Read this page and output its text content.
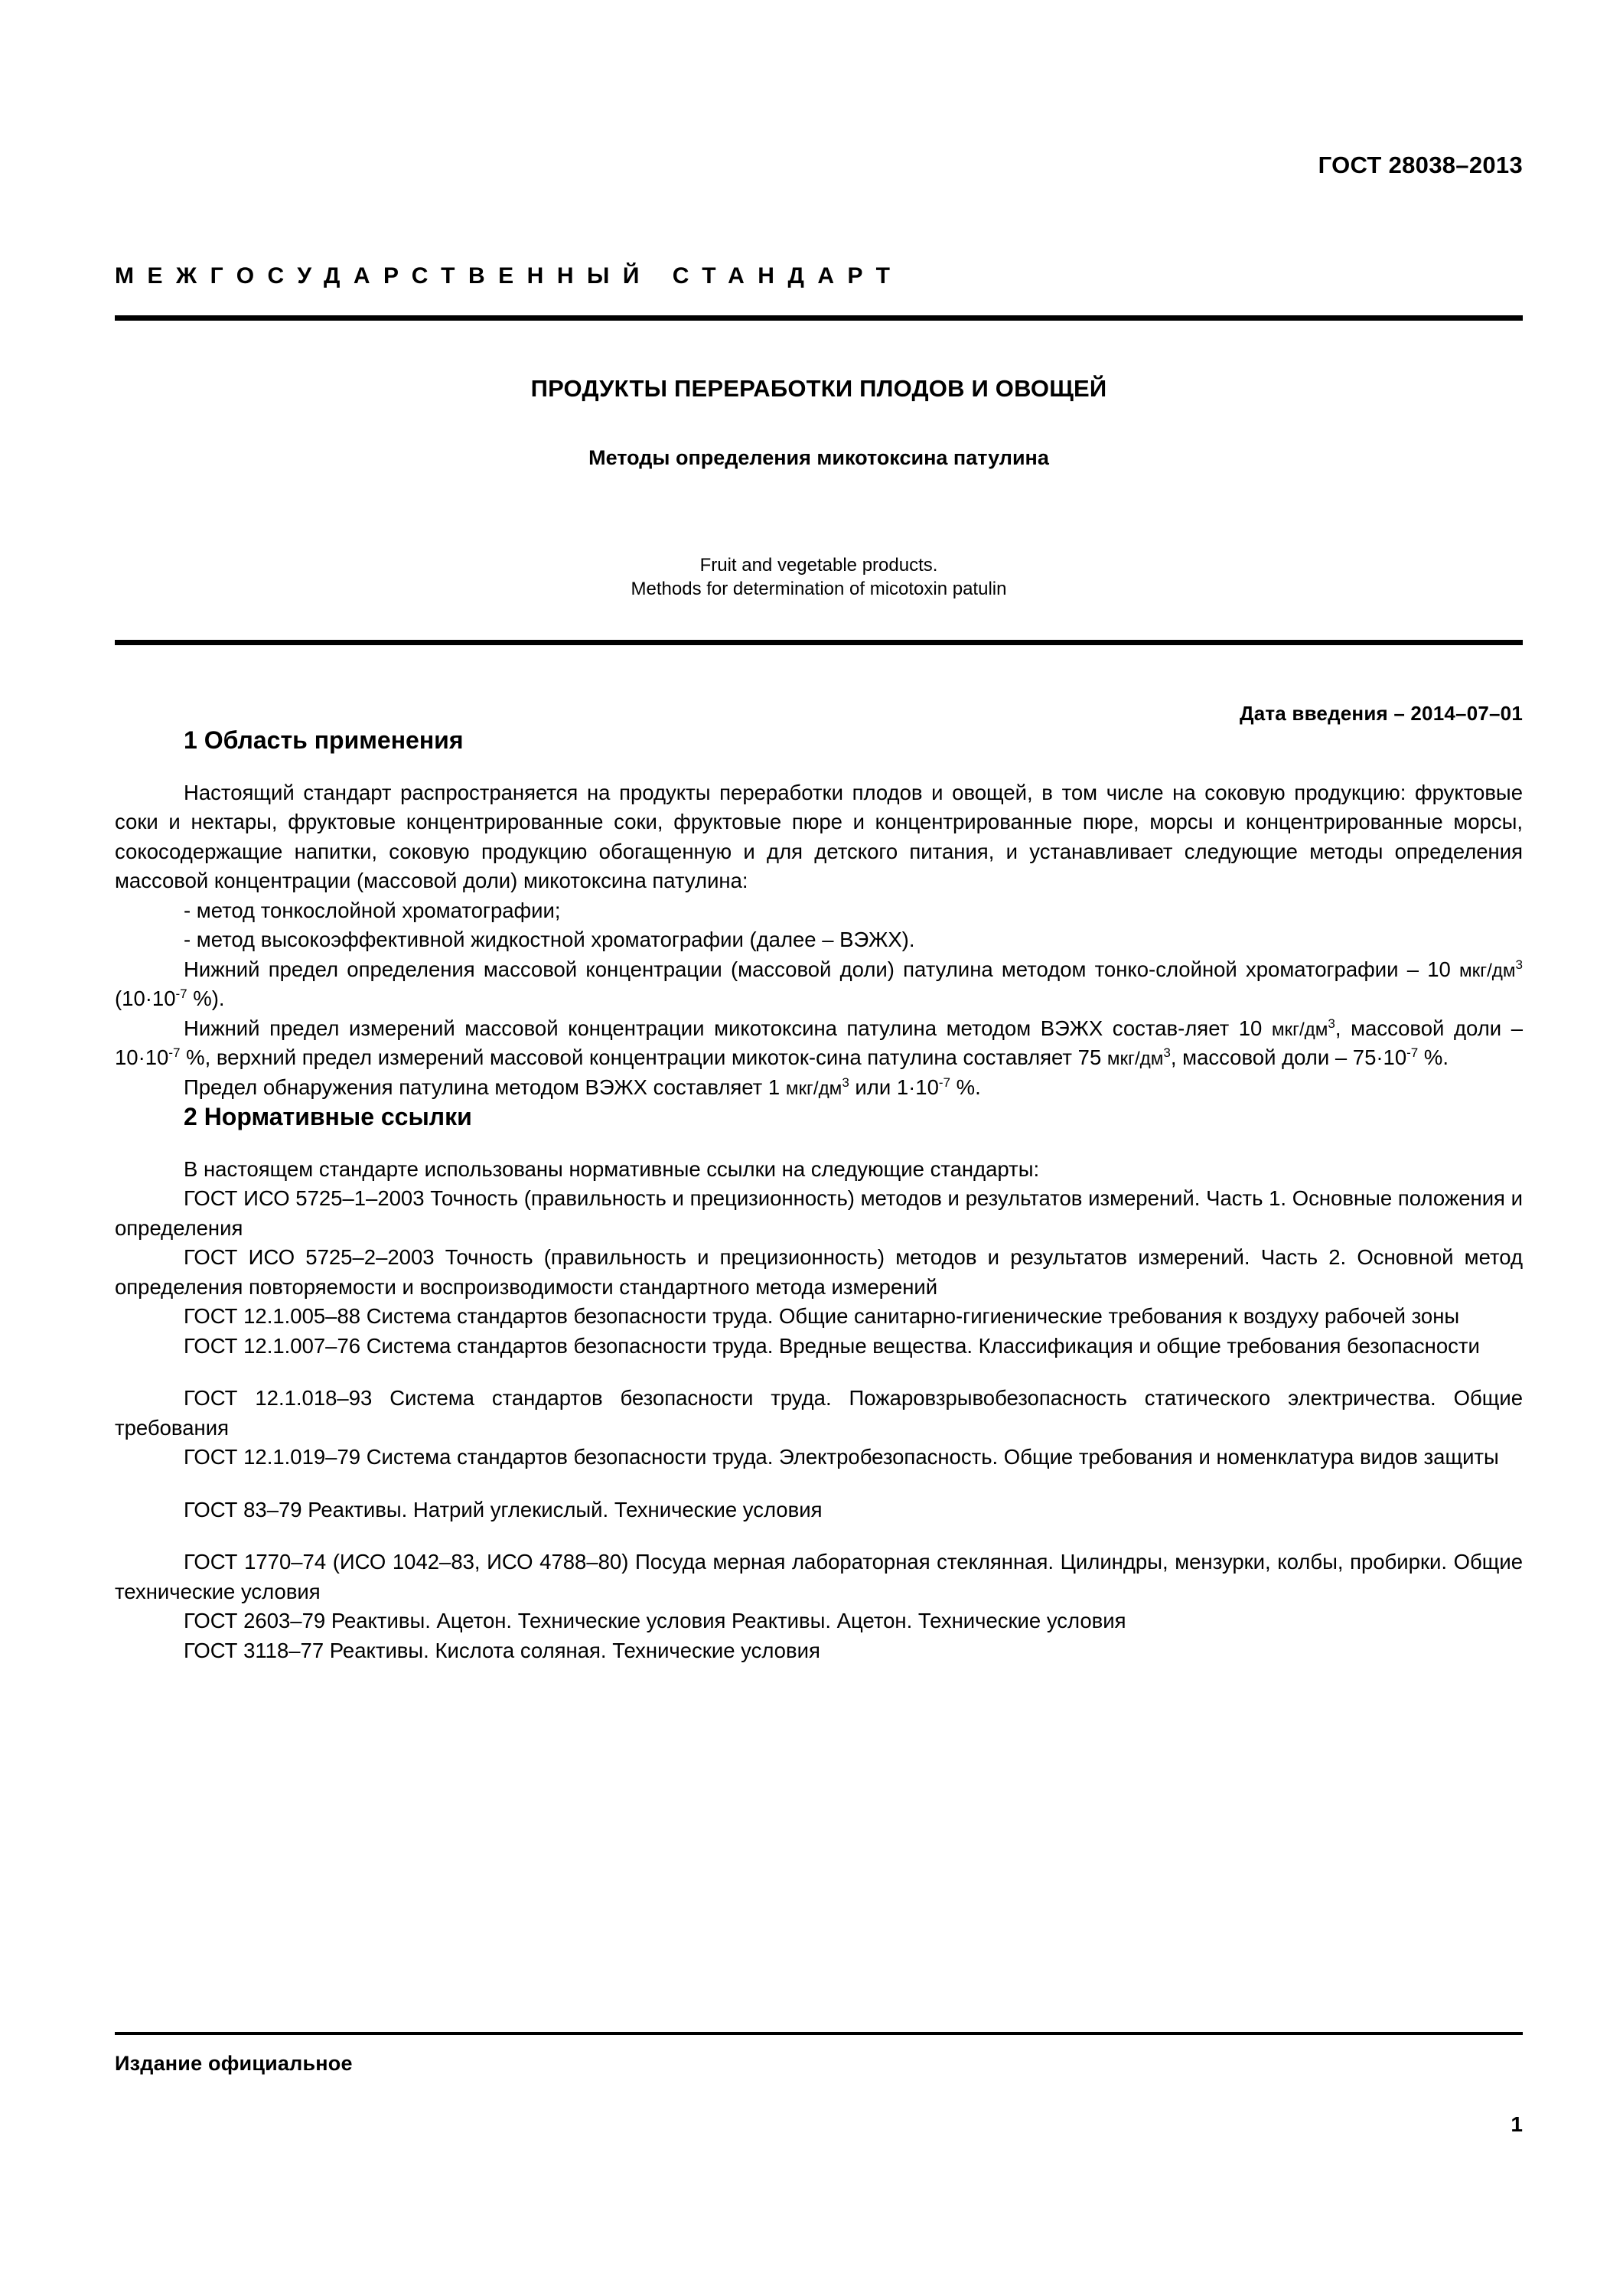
ГОСТ 28038–2013
МЕЖГОСУДАРСТВЕННЫЙ СТАНДАРТ
ПРОДУКТЫ ПЕРЕРАБОТКИ ПЛОДОВ И ОВОЩЕЙ
Методы определения микотоксина патулина
Fruit and vegetable products.
Methods for determination of micotoxin patulin
Дата введения – 2014–07–01
1 Область применения

Настоящий стандарт распространяется на продукты переработки плодов и овощей, в том числе на соковую продукцию: фруктовые соки и нектары, фруктовые концентрированные соки, фруктовые пюре и концентрированные пюре, морсы и концентрированные морсы, сокосодержащие напитки, соковую продукцию обогащенную и для детского питания, и устанавливает следующие методы определения массовой концентрации (массовой доли) микотоксина патулина:

- метод тонкослойной хроматографии;

- метод высокоэффективной жидкостной хроматографии (далее – ВЭЖХ).

Нижний предел определения массовой концентрации (массовой доли) патулина методом тонко-слойной хроматографии – 10 мкг/$дм^3$ ($10\cdot 10^{-7}$ %).

Нижний предел измерений массовой концентрации микотоксина патулина методом ВЭЖХ состав-ляет 10 мкг/$дм^3$, массовой доли – $10\cdot 10^{-7}$ %, верхний предел измерений массовой концентрации микоток-сина патулина составляет 75 мкг/$дм^3$, массовой доли – $75\cdot 10^{-7}$ %.

Предел обнаружения патулина методом ВЭЖХ составляет 1 мкг/$дм^3$ или $1\cdot 10^{-7}$ %.

2 Нормативные ссылки

В настоящем стандарте использованы нормативные ссылки на следующие стандарты:

ГОСТ ИСО 5725–1–2003 Точность (правильность и прецизионность) методов и результатов измерений. Часть 1. Основные положения и определения

ГОСТ ИСО 5725–2–2003 Точность (правильность и прецизионность) методов и результатов измерений. Часть 2. Основной метод определения повторяемости и воспроизводимости стандартного метода измерений

ГОСТ 12.1.005–88 Система стандартов безопасности труда. Общие санитарно-гигиенические требования к воздуху рабочей зоны

ГОСТ 12.1.007–76 Система стандартов безопасности труда. Вредные вещества. Классификация и общие требования безопасности

ГОСТ 12.1.018–93 Система стандартов безопасности труда. Пожаровзрывобезопасность статического электричества. Общие требования

ГОСТ 12.1.019–79 Система стандартов безопасности труда. Электробезопасность. Общие требования и номенклатура видов защиты

ГОСТ 83–79 Реактивы. Натрий углекислый. Технические условия

ГОСТ 1770–74 (ИСО 1042–83, ИСО 4788–80) Посуда мерная лабораторная стеклянная. Цилиндры, мензурки, колбы, пробирки. Общие технические условия

ГОСТ 2603–79 Реактивы. Ацетон. Технические условия Реактивы. Ацетон. Технические условия

ГОСТ 3118–77 Реактивы. Кислота соляная. Технические условия

Издание официальное
1
